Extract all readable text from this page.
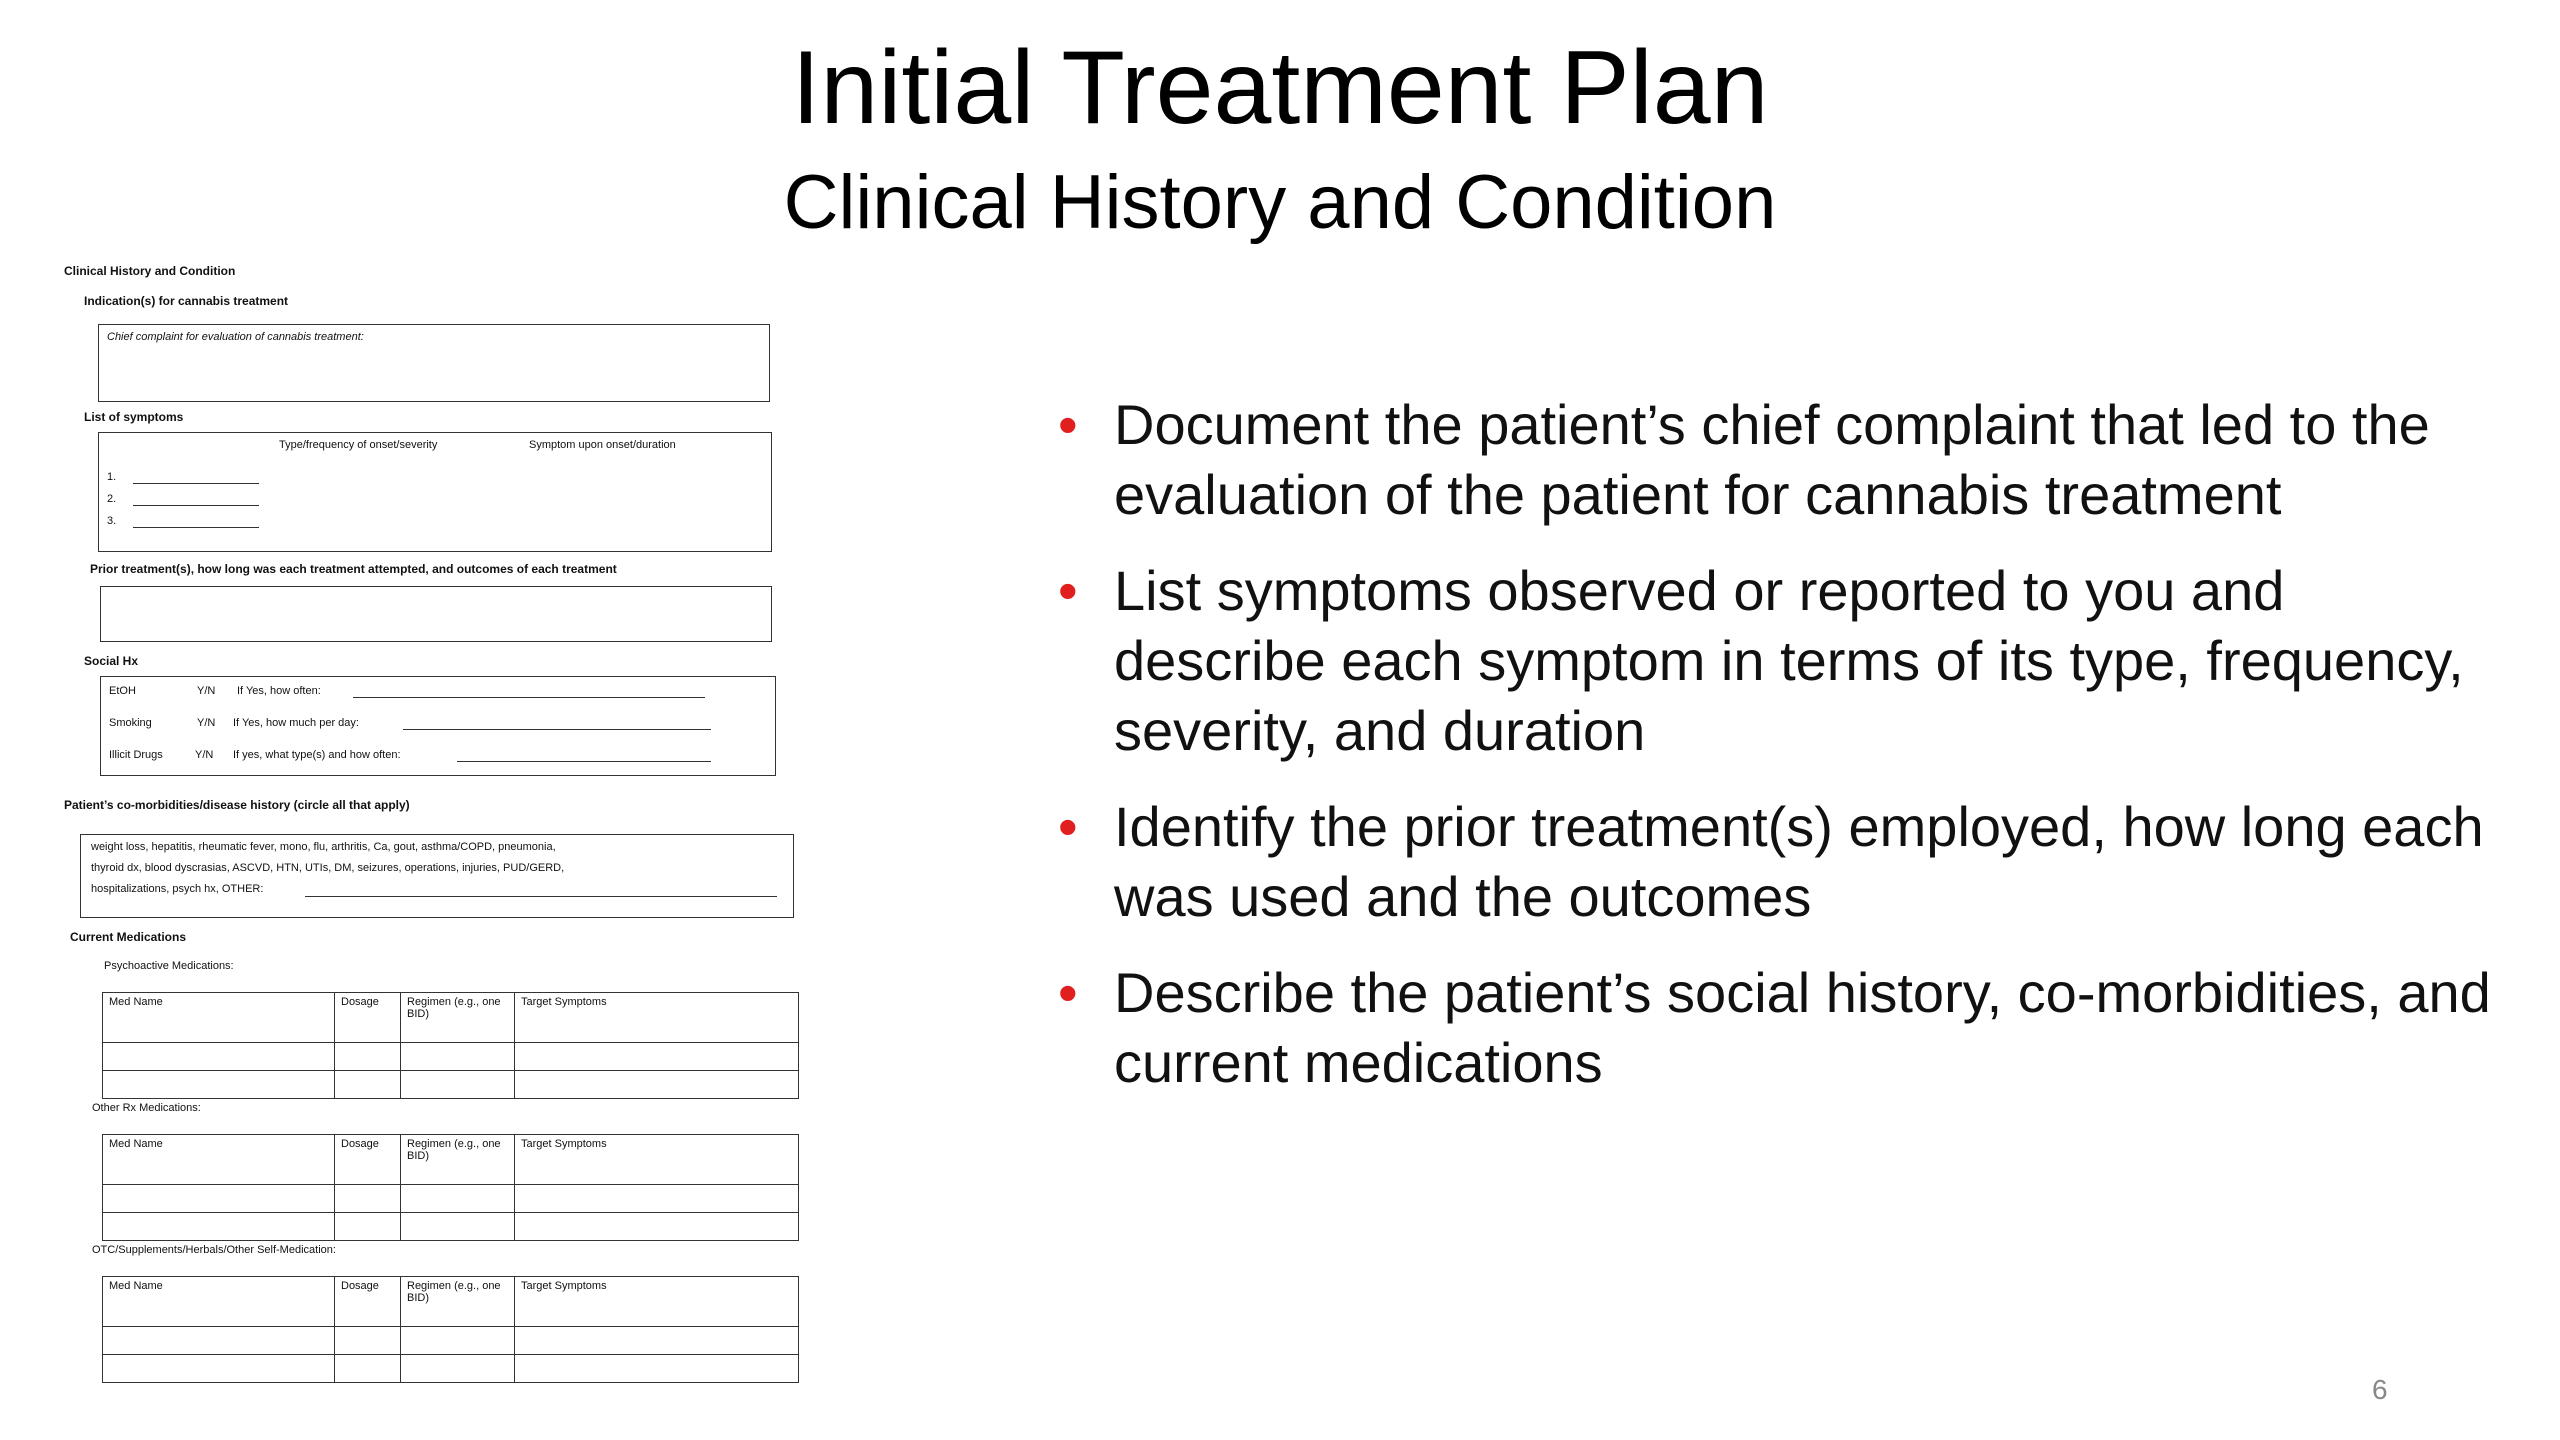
Initial Treatment Plan
Clinical History and Condition
Clinical History and Condition
Indication(s) for cannabis treatment
Chief complaint for evaluation of cannabis treatment:
List of symptoms
Type/frequency of onset/severity	Symptom upon onset/duration
1.
2.
3.
Prior treatment(s), how long was each treatment attempted, and outcomes of each treatment
Social Hx
EtOH	Y/N If Yes, how often:
Smoking	Y/N If Yes, how much per day:
Illicit Drugs	Y/N If yes, what type(s) and how often:
Patient’s co-morbidities/disease history (circle all that apply)
weight loss, hepatitis, rheumatic fever, mono, flu, arthritis, Ca, gout, asthma/COPD, pneumonia,
thyroid dx, blood dyscrasias, ASCVD, HTN, UTIs, DM, seizures, operations, injuries, PUD/GERD,
hospitalizations, psych hx, OTHER:
Current Medications
Psychoactive Medications:
Med Name	Dosage	Regimen (e.g., one BID)	Target Symptoms

Other Rx Medications:
Med Name	Dosage	Regimen (e.g., one BID)	Target Symptoms

OTC/Supplements/Herbals/Other Self-Medication:
Med Name	Dosage	Regimen (e.g., one BID)	Target Symptoms

• Document the patient’s chief complaint that led to the evaluation of the patient for cannabis treatment
• List symptoms observed or reported to you and describe each symptom in terms of its type, frequency, severity, and duration
• Identify the prior treatment(s) employed, how long each was used and the outcomes
• Describe the patient’s social history, co-morbidities, and current medications
6
